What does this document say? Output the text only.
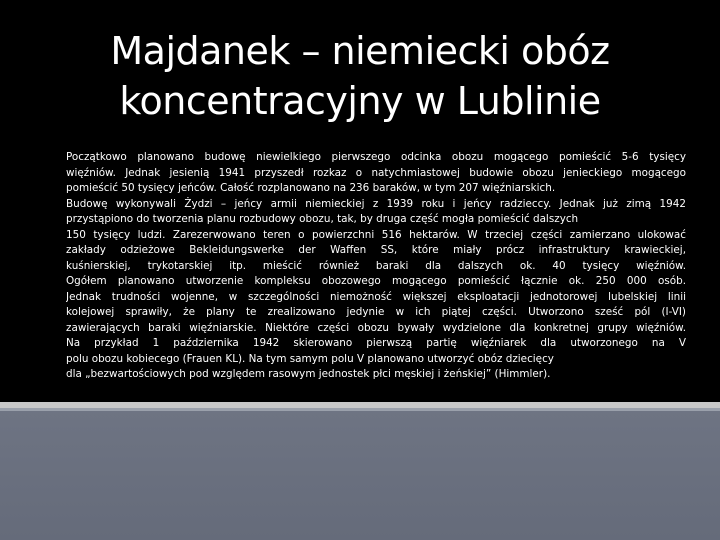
Majdanek – niemiecki obóz
koncentracyjny w Lublinie
Początkowo planowano budowę niewielkiego pierwszego odcinka obozu mogącego pomieścić 5-6 tysięcy
więźniów. Jednak jesienią 1941 przyszedł rozkaz o natychmiastowej budowie obozu jenieckiego mogącego
pomieścić 50 tysięcy jeńców. Całość rozplanowano na 236 baraków, w tym 207 więźniarskich.
Budowę wykonywali Żydzi – jeńcy armii niemieckiej z 1939 roku i jeńcy radzieccy. Jednak już zimą 1942
przystąpiono do tworzenia planu rozbudowy obozu, tak, by druga część mogła pomieścić dalszych
150 tysięcy ludzi. Zarezerwowano teren o powierzchni 516 hektarów. W trzeciej części zamierzano ulokować
zakłady odzieżowe Bekleidungswerke der Waffen SS, które miały prócz infrastruktury krawieckiej,
kuśnierskiej, trykotarskiej itp. mieścić również baraki dla dalszych ok. 40 tysięcy więźniów.
Ogółem planowano utworzenie kompleksu obozowego mogącego pomieścić łącznie ok. 250 000 osób.
Jednak trudności wojenne, w szczególności niemożność większej eksploatacji jednotorowej lubelskiej linii
kolejowej sprawiły, że plany te zrealizowano jedynie w ich piątej części. Utworzono sześć pól (I-VI)
zawierających baraki więźniarskie. Niektóre części obozu bywały wydzielone dla konkretnej grupy więźniów.
Na przykład 1 października 1942 skierowano pierwszą partię więźniarek dla utworzonego na V
polu obozu kobiecego (Frauen KL). Na tym samym polu V planowano utworzyć obóz dziecięcy
dla „bezwartościowych pod względem rasowym jednostek płci męskiej i żeńskiej” (Himmler).
